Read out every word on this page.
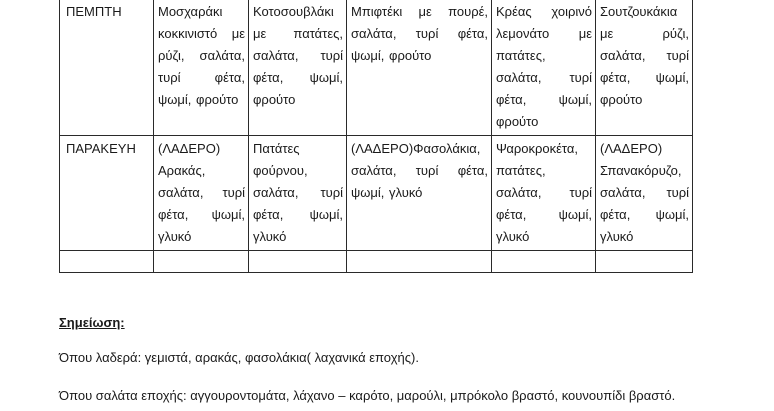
ΠΕΜΠΤΗ	Μοσχαράκι κοκκινιστό με ρύζι, σαλάτα, τυρί φέτα, ψωμί, φρούτο	Κοτοσουβλάκι με πατάτες, σαλάτα, τυρί φέτα, ψωμί, φρούτο	Μπιφτέκι με πουρέ, σαλάτα, τυρί φέτα, ψωμί, φρούτο	Κρέας χοιρινό λεμονάτο με πατάτες, σαλάτα, τυρί φέτα, ψωμί, φρούτο	Σουτζουκάκια με ρύζι, σαλάτα, τυρί φέτα, ψωμί, φρούτο

ΠΑΡΑΚΕΥΗ	(ΛΑΔΕΡΟ) Αρακάς, σαλάτα, τυρί φέτα, ψωμί, γλυκό	Πατάτες φούρνου, σαλάτα, τυρί φέτα, ψωμί, γλυκό	(ΛΑΔΕΡΟ)Φασολάκια, σαλάτα, τυρί φέτα, ψωμί, γλυκό	Ψαροκροκέτα, πατάτες, σαλάτα, τυρί φέτα, ψωμί, γλυκό	(ΛΑΔΕΡΟ) Σπανακόρυζο, σαλάτα, τυρί φέτα, ψωμί, γλυκό

Σημείωση:
Όπου λαδερά: γεμιστά, αρακάς, φασολάκια( λαχανικά εποχής).
Όπου σαλάτα εποχής: αγγουροντομάτα, λάχανο – καρότο, μαρούλι, μπρόκολο βραστό, κουνουπίδι βραστό.
